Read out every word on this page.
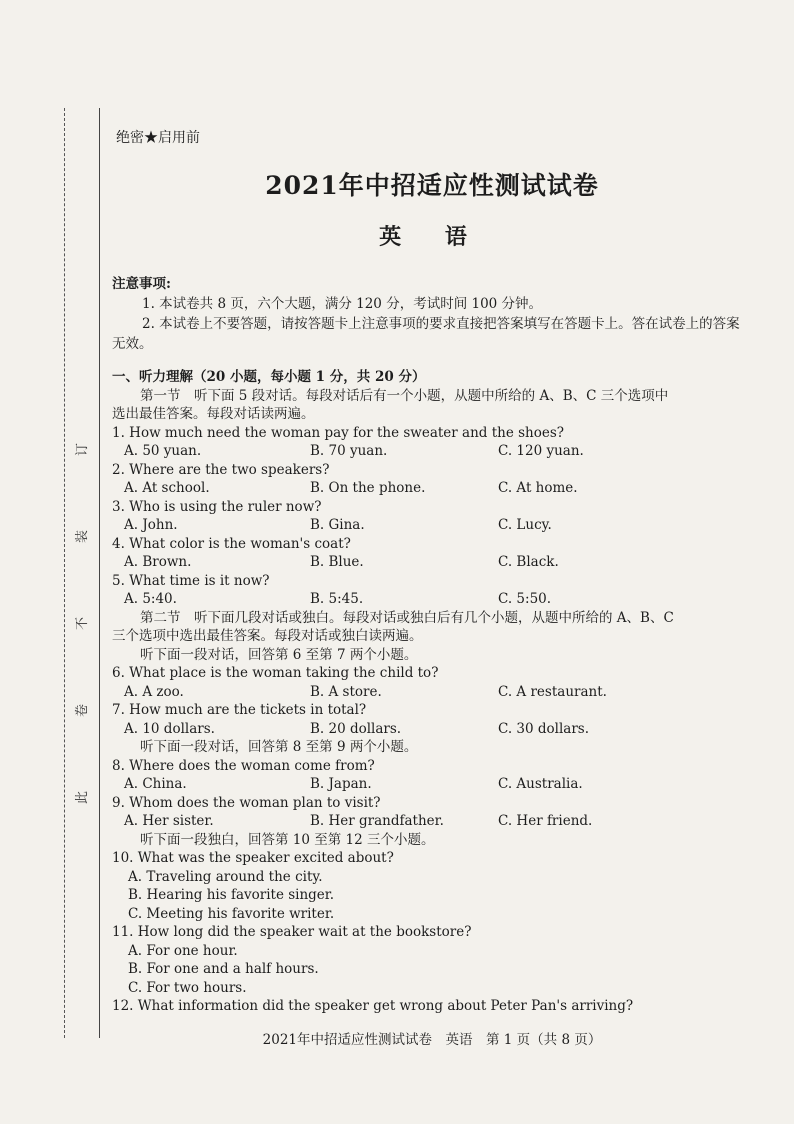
订
装
不
卷
此
绝密★启用前
2021年中招适应性测试试卷
英 语
注意事项:
1. 本试卷共 8 页，六个大题，满分 120 分，考试时间 100 分钟。
2. 本试卷上不要答题，请按答题卡上注意事项的要求直接把答案填写在答题卡上。答在试卷上的答案无效。
一、听力理解（20 小题，每小题 1 分，共 20 分）
第一节　听下面 5 段对话。每段对话后有一个小题，从题中所给的 A、B、C 三个选项中
选出最佳答案。每段对话读两遍。
1. How much need the woman pay for the sweater and the shoes?
A. 50 yuan.	B. 70 yuan.	C. 120 yuan.
2. Where are the two speakers?
A. At school.	B. On the phone.	C. At home.
3. Who is using the ruler now?
A. John.	B. Gina.	C. Lucy.
4. What color is the woman's coat?
A. Brown.	B. Blue.	C. Black.
5. What time is it now?
A. 5:40.	B. 5:45.	C. 5:50.
第二节　听下面几段对话或独白。每段对话或独白后有几个小题，从题中所给的 A、B、C
三个选项中选出最佳答案。每段对话或独白读两遍。
听下面一段对话，回答第 6 至第 7 两个小题。
6. What place is the woman taking the child to?
A. A zoo.	B. A store.	C. A restaurant.
7. How much are the tickets in total?
A. 10 dollars.	B. 20 dollars.	C. 30 dollars.
听下面一段对话，回答第 8 至第 9 两个小题。
8. Where does the woman come from?
A. China.	B. Japan.	C. Australia.
9. Whom does the woman plan to visit?
A. Her sister.	B. Her grandfather.	C. Her friend.
听下面一段独白，回答第 10 至第 12 三个小题。
10. What was the speaker excited about?
A. Traveling around the city.
B. Hearing his favorite singer.
C. Meeting his favorite writer.
11. How long did the speaker wait at the bookstore?
A. For one hour.
B. For one and a half hours.
C. For two hours.
12. What information did the speaker get wrong about Peter Pan's arriving?
2021年中招适应性测试试卷　英语　第 1 页（共 8 页）
